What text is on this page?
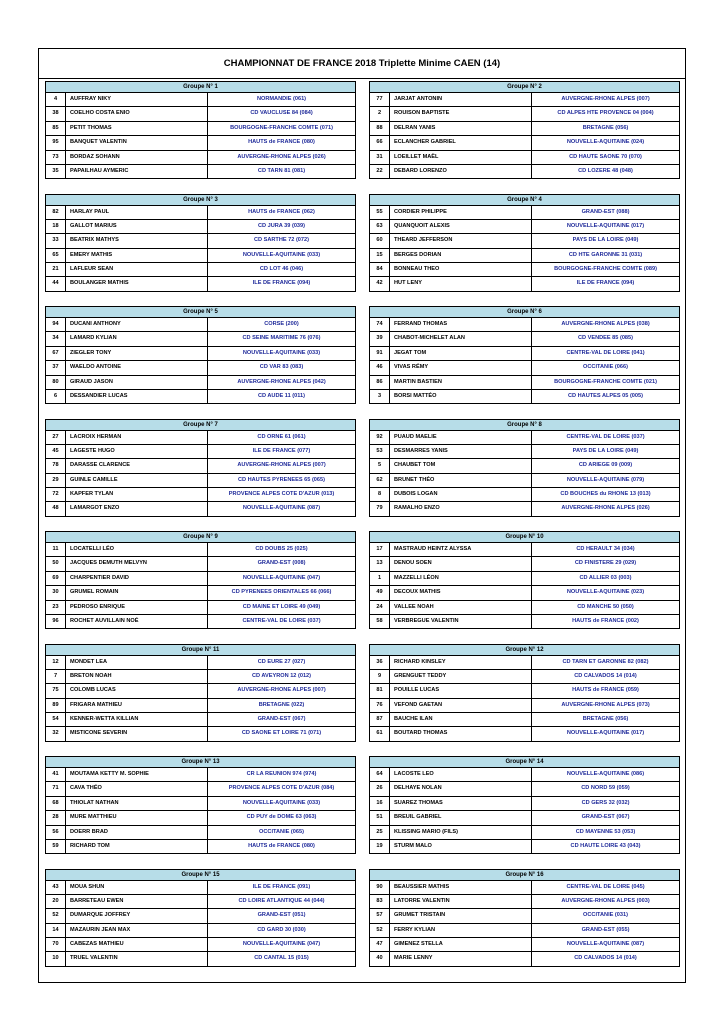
CHAMPIONNAT DE FRANCE 2018 Triplette Minime CAEN (14)
Groupe N° 1
4	AUFFRAY NIKY	NORMANDIE (061)
38	COELHO COSTA ENIO	CD VAUCLUSE 84 (084)
85	PETIT THOMAS	BOURGOGNE-FRANCHE COMTE (071)
95	BANQUET VALENTIN	HAUTS de FRANCE (080)
73	BORDAZ SOHANN	AUVERGNE-RHONE ALPES (026)
35	PAPAILHAU AYMERIC	CD TARN 81 (081)
Groupe N° 2
77	JARJAT ANTONIN	AUVERGNE-RHONE ALPES (007)
2	ROUISON BAPTISTE	CD ALPES HTE PROVENCE 04 (004)
88	DELRAN YANIS	BRETAGNE (056)
66	ECLANCHER GABRIEL	NOUVELLE-AQUITAINE (024)
31	LOEILLET MAËL	CD HAUTE SAONE 70 (070)
22	DEBARD LORENZO	CD LOZERE 48 (048)
Groupe N° 3
82	HARLAY PAUL	HAUTS de FRANCE (062)
18	GALLOT MARIUS	CD JURA 39 (039)
33	BEATRIX MATHYS	CD SARTHE 72 (072)
65	EMERY MATHIS	NOUVELLE-AQUITAINE (033)
21	LAFLEUR SEAN	CD LOT 46 (046)
44	BOULANGER MATHIS	ILE DE FRANCE (094)
Groupe N° 4
55	CORDIER PHILIPPE	GRAND-EST (088)
63	QUANQUOIT ALEXIS	NOUVELLE-AQUITAINE (017)
60	THEARD JEFFERSON	PAYS DE LA LOIRE (049)
15	BERGES DORIAN	CD HTE GARONNE 31 (031)
84	BONNEAU THEO	BOURGOGNE-FRANCHE COMTE (089)
42	HUT LENY	ILE DE FRANCE (094)
Groupe N° 5
94	DUCANI ANTHONY	CORSE (200)
34	LAMARD KYLIAN	CD SEINE MARITIME 76 (076)
67	ZIEGLER TONY	NOUVELLE-AQUITAINE (033)
37	WAELDO ANTOINE	CD VAR 83 (083)
80	GIRAUD JASON	AUVERGNE-RHONE ALPES (042)
6	DESSANDIER LUCAS	CD AUDE 11 (011)
Groupe N° 6
74	FERRAND THOMAS	AUVERGNE-RHONE ALPES (038)
39	CHABOT-MICHELET ALAN	CD VENDEE 85 (085)
91	JEGAT TOM	CENTRE-VAL DE LOIRE (041)
46	VIVAS RÉMY	OCCITANIE (066)
86	MARTIN BASTIEN	BOURGOGNE-FRANCHE COMTE (021)
3	BORSI MATTÉO	CD HAUTES ALPES 05 (005)
Groupe N° 7
27	LACROIX HERMAN	CD ORNE 61 (061)
45	LAGESTE HUGO	ILE DE FRANCE (077)
78	DARASSE CLARENCE	AUVERGNE-RHONE ALPES (007)
29	GUINLE CAMILLE	CD HAUTES PYRENEES 65 (065)
72	KAPFER TYLAN	PROVENCE ALPES COTE D'AZUR (013)
48	LAMARGOT ENZO	NOUVELLE-AQUITAINE (087)
Groupe N° 8
92	PUAUD MAELIE	CENTRE-VAL DE LOIRE (037)
53	DESMARRES YANIS	PAYS DE LA LOIRE (049)
5	CHAUBET TOM	CD ARIEGE 09 (009)
62	BRUNET THÉO	NOUVELLE-AQUITAINE (079)
8	DUBOIS LOGAN	CD BOUCHES du RHONE 13 (013)
79	RAMALHO ENZO	AUVERGNE-RHONE ALPES (026)
Groupe N° 9
11	LOCATELLI LÉO	CD DOUBS 25 (025)
50	JACQUES DEMUTH MELVYN	GRAND-EST (008)
69	CHARPENTIER DAVID	NOUVELLE-AQUITAINE (047)
30	GRUMEL ROMAIN	CD PYRENEES ORIENTALES 66 (066)
23	PEDROSO ENRIQUE	CD MAINE ET LOIRE 49 (049)
96	ROCHET AUVILLAIN NOÉ	CENTRE-VAL DE LOIRE (037)
Groupe N° 10
17	MASTRAUD HEINTZ ALYSSA	CD HERAULT 34 (034)
13	DENOU SOEN	CD FINISTERE 29 (029)
1	MAZZELLI LÉON	CD ALLIER 03 (003)
49	DECOUX MATHIS	NOUVELLE-AQUITAINE (023)
24	VALLEE NOAH	CD MANCHE 50 (050)
58	VERBREGUE VALENTIN	HAUTS de FRANCE (002)
Groupe N° 11
12	MONDET LEA	CD EURE 27 (027)
7	BRETON NOAH	CD AVEYRON 12 (012)
75	COLOMB LUCAS	AUVERGNE-RHONE ALPES (007)
89	FRIGARA MATHIEU	BRETAGNE (022)
54	KENNER-WETTA KILLIAN	GRAND-EST (067)
32	MISTICONE SEVERIN	CD SAONE ET LOIRE 71 (071)
Groupe N° 12
36	RICHARD KINSLEY	CD TARN ET GARONNE 82 (082)
9	GRENGUET TEDDY	CD CALVADOS 14 (014)
81	POUILLE LUCAS	HAUTS de FRANCE (059)
76	VEFOND GAETAN	AUVERGNE-RHONE ALPES (073)
87	BAUCHE ILAN	BRETAGNE (056)
61	BOUTARD THOMAS	NOUVELLE-AQUITAINE (017)
Groupe N° 13
41	MOUTAMA KETTY M. SOPHIE	CR LA REUNION 974 (974)
71	CAVA THÉO	PROVENCE ALPES COTE D'AZUR (084)
68	THIOLAT NATHAN	NOUVELLE-AQUITAINE (033)
28	MURE MATTHIEU	CD PUY de DOME 63 (063)
56	DOERR BRAD	OCCITANIE (065)
59	RICHARD TOM	HAUTS de FRANCE (080)
Groupe N° 14
64	LACOSTE LEO	NOUVELLE-AQUITAINE (086)
26	DELHAYE NOLAN	CD NORD 59 (059)
16	SUAREZ THOMAS	CD GERS 32 (032)
51	BREUIL GABRIEL	GRAND-EST (067)
25	KLISSING MARIO (FILS)	CD MAYENNE 53 (053)
19	STURM MALO	CD HAUTE LOIRE 43 (043)
Groupe N° 15
43	MOUA SHUN	ILE DE FRANCE (091)
20	BARRETEAU EWEN	CD LOIRE ATLANTIQUE 44 (044)
52	DUMARQUE JOFFREY	GRAND-EST (051)
14	MAZAURIN JEAN MAX	CD GARD 30 (030)
70	CABEZAS MATHIEU	NOUVELLE-AQUITAINE (047)
10	TRUEL VALENTIN	CD CANTAL 15 (015)
Groupe N° 16
90	BEAUSSIER MATHIS	CENTRE-VAL DE LOIRE (045)
83	LATORRE VALENTIN	AUVERGNE-RHONE ALPES (003)
57	GRUMET TRISTAIN	OCCITANIE (031)
52	FERRY KYLIAN	GRAND-EST (055)
47	GIMENEZ STELLA	NOUVELLE-AQUITAINE (087)
40	MARIE LENNY	CD CALVADOS 14 (014)
